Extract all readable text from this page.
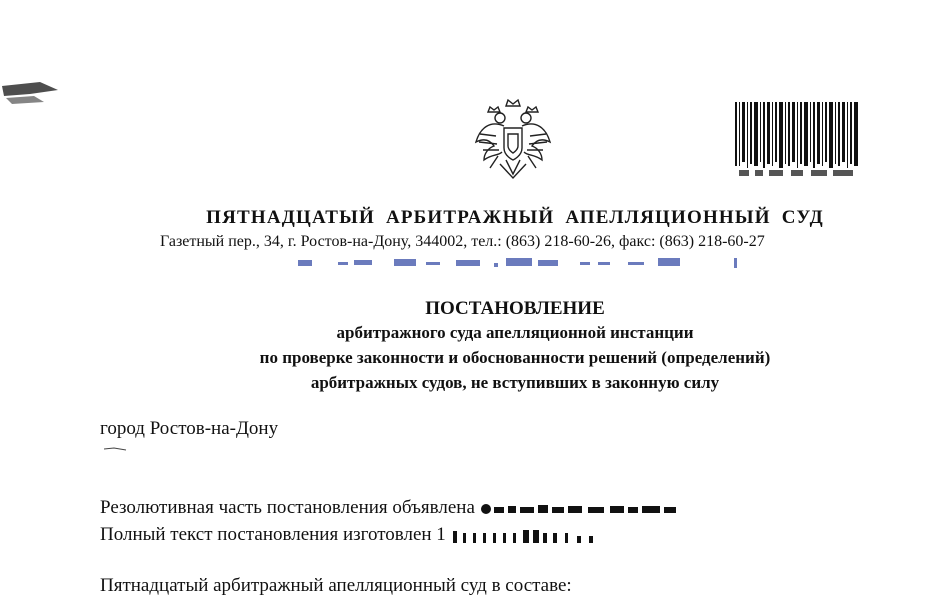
ПЯТНАДЦАТЫЙ АРБИТРАЖНЫЙ АПЕЛЛЯЦИОННЫЙ СУД
Газетный пер., 34, г. Ростов-на-Дону, 344002, тел.: (863) 218-60-26, факс: (863) 218-60-27
ПОСТАНОВЛЕНИЕ
арбитражного суда апелляционной инстанции
по проверке законности и обоснованности решений (определений)
арбитражных судов, не вступивших в законную силу
город Ростов-на-Дону
Резолютивная часть постановления объявлена
Полный текст постановления изготовлен 1
Пятнадцатый арбитражный апелляционный суд в составе:
